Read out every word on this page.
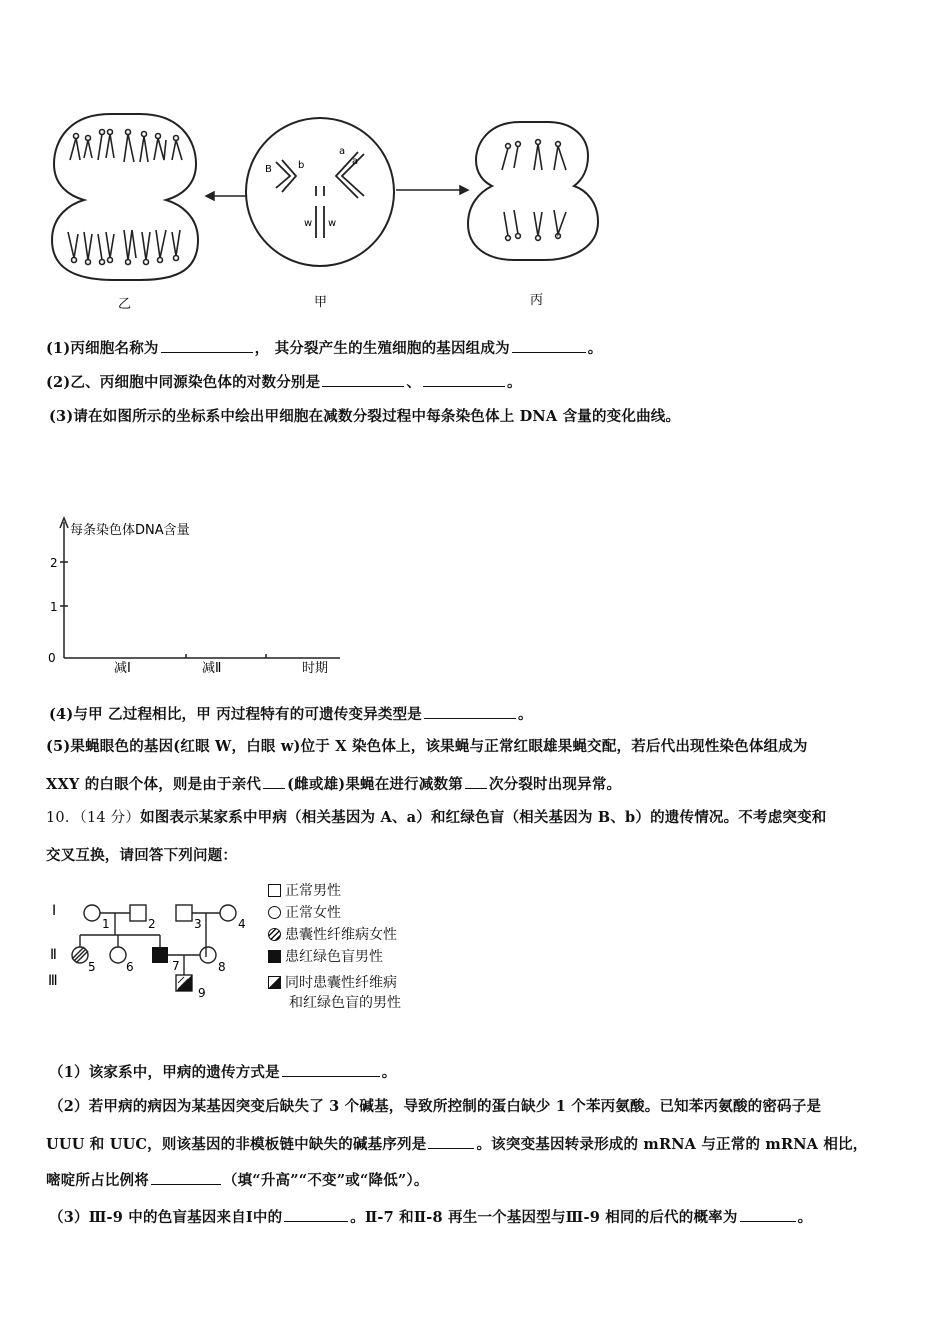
乙
B	b
a
a
w w
甲	丙
(1)丙细胞名称为	， 其分裂产生的生殖细胞的基因组成为	。
(2)乙、丙细胞中同源染色体的对数分别是	、	。
(3)请在如图所示的坐标系中绘出甲细胞在减数分裂过程中每条染色体上 DNA 含量的变化曲线。
每条染色体DNA含量
2
1
0
减Ⅰ	减Ⅱ	时期
(4)与甲 乙过程相比，甲 丙过程特有的可遗传变异类型是	。
(5)果蝇眼色的基因(红眼 W，白眼 w)位于 X 染色体上，该果蝇与正常红眼雄果蝇交配，若后代出现性染色体组成为
XXY 的白眼个体，则是由于亲代 (雌或雄)果蝇在进行减数第 次分裂时出现异常。
10．（14 分）如图表示某家系中甲病（相关基因为 A、a）和红绿色盲（相关基因为 B、b）的遗传情况。不考虑突变和
交叉互换，请回答下列问题：
Ⅰ
Ⅱ
Ⅲ
1	2	3	4
5	6	7	8
9
正常男性
正常女性
患囊性纤维病女性
患红绿色盲男性
同时患囊性纤维病
和红绿色盲的男性
（1）该家系中，甲病的遗传方式是	。
（2）若甲病的病因为某基因突变后缺失了 3 个碱基，导致所控制的蛋白缺少 1 个苯丙氨酸。已知苯丙氨酸的密码子是
UUU 和 UUC，则该基因的非模板链中缺失的碱基序列是	。该突变基因转录形成的 mRNA 与正常的 mRNA 相比，
嘧啶所占比例将	（填“升高”“不变”或“降低”）。
（3）Ⅲ-9 中的色盲基因来自Ⅰ中的	。Ⅱ-7 和Ⅱ-8 再生一个基因型与Ⅲ-9 相同的后代的概率为	。
